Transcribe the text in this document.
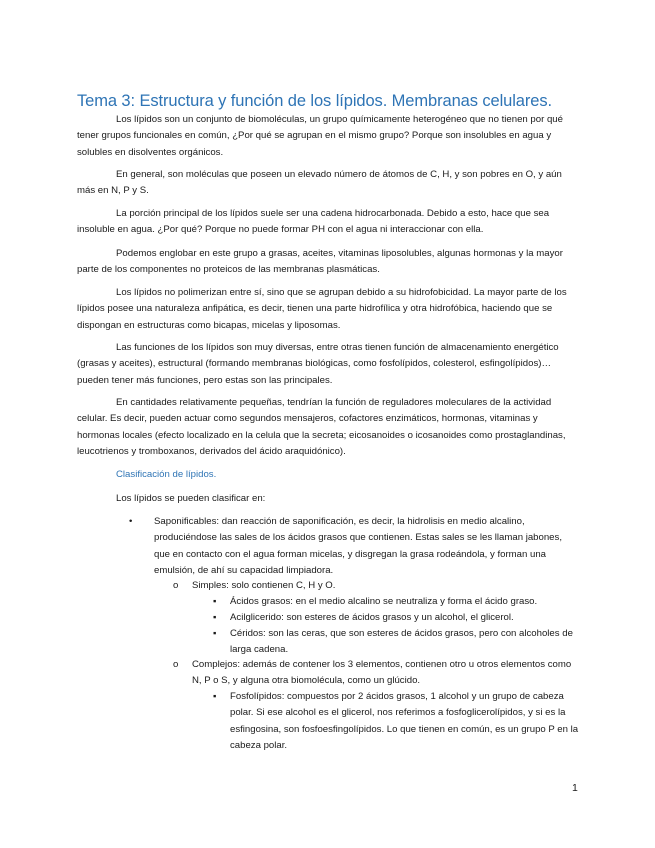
Tema 3: Estructura y función de los lípidos. Membranas celulares.

Los lípidos son un conjunto de biomoléculas, un grupo químicamente heterogéneo que no tienen por qué tener grupos funcionales en común, ¿Por qué se agrupan en el mismo grupo? Porque son insolubles en agua y solubles en disolventes orgánicos.

En general, son moléculas que poseen un elevado número de átomos de C, H, y son pobres en O, y aún más en N, P y S.

La porción principal de los lípidos suele ser una cadena hidrocarbonada. Debido a esto, hace que sea insoluble en agua. ¿Por qué? Porque no puede formar PH con el agua ni interaccionar con ella.

Podemos englobar en este grupo a grasas, aceites, vitaminas liposolubles, algunas hormonas y la mayor parte de los componentes no proteicos de las membranas plasmáticas.

Los lípidos no polimerizan entre sí, sino que se agrupan debido a su hidrofobicidad. La mayor parte de los lípidos posee una naturaleza anfipática, es decir, tienen una parte hidrofílica y otra hidrofóbica, haciendo que se dispongan en estructuras como bicapas, micelas y liposomas.

Las funciones de los lípidos son muy diversas, entre otras tienen función de almacenamiento energético (grasas y aceites), estructural (formando membranas biológicas, como fosfolípidos, colesterol, esfingolípidos)… pueden tener más funciones, pero estas son las principales.

En cantidades relativamente pequeñas, tendrían la función de reguladores moleculares de la actividad celular. Es decir, pueden actuar como segundos mensajeros, cofactores enzimáticos, hormonas, vitaminas y hormonas locales (efecto localizado en la celula que la secreta; eicosanoides o icosanoides como prostaglandinas, leucotrienos y tromboxanos, derivados del ácido araquidónico).

Clasificación de lípidos.

Los lípidos se pueden clasificar en:

• Saponificables: dan reacción de saponificación, es decir, la hidrolisis en medio alcalino, produciéndose las sales de los ácidos grasos que contienen. Estas sales se les llaman jabones, que en contacto con el agua forman micelas, y disgregan la grasa rodeándola, y forman una emulsión, de ahí su capacidad limpiadora.

o Simples: solo contienen C, H y O.

▪ Ácidos grasos: en el medio alcalino se neutraliza y forma el ácido graso.

▪ Acilglicerido: son esteres de ácidos grasos y un alcohol, el glicerol.

▪ Céridos: son las ceras, que son esteres de ácidos grasos, pero con alcoholes de larga cadena.

o Complejos: además de contener los 3 elementos, contienen otro u otros elementos como N, P o S, y alguna otra biomolécula, como un glúcido.

▪ Fosfolípidos: compuestos por 2 ácidos grasos, 1 alcohol y un grupo de cabeza polar. Si ese alcohol es el glicerol, nos referimos a fosfoglicerolípidos, y si es la esfingosina, son fosfoesfingolípidos. Lo que tienen en común, es un grupo P en la cabeza polar.

1
